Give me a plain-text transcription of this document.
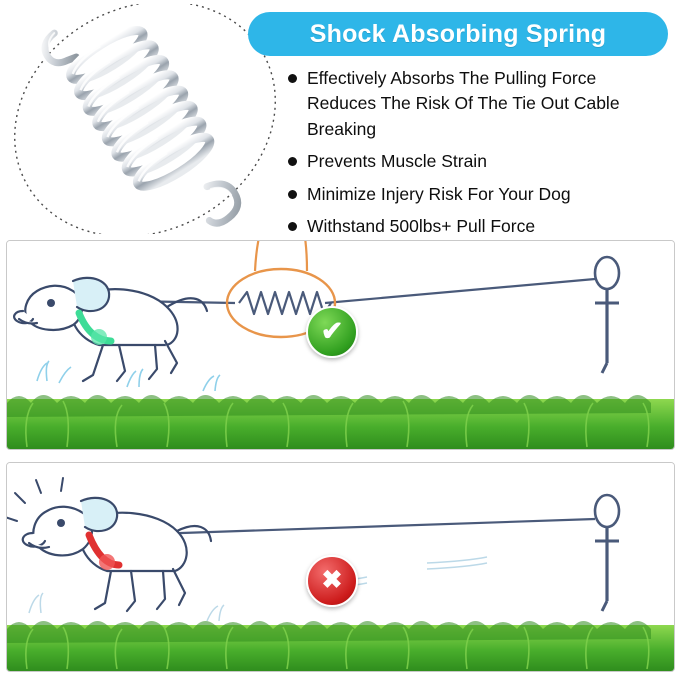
Shock Absorbing Spring
Effectively Absorbs The Pulling Force Reduces The Risk Of The Tie Out Cable Breaking
Prevents Muscle Strain
Minimize Injery Risk For Your Dog
Withstand 500lbs+ Pull Force
✔
✖
